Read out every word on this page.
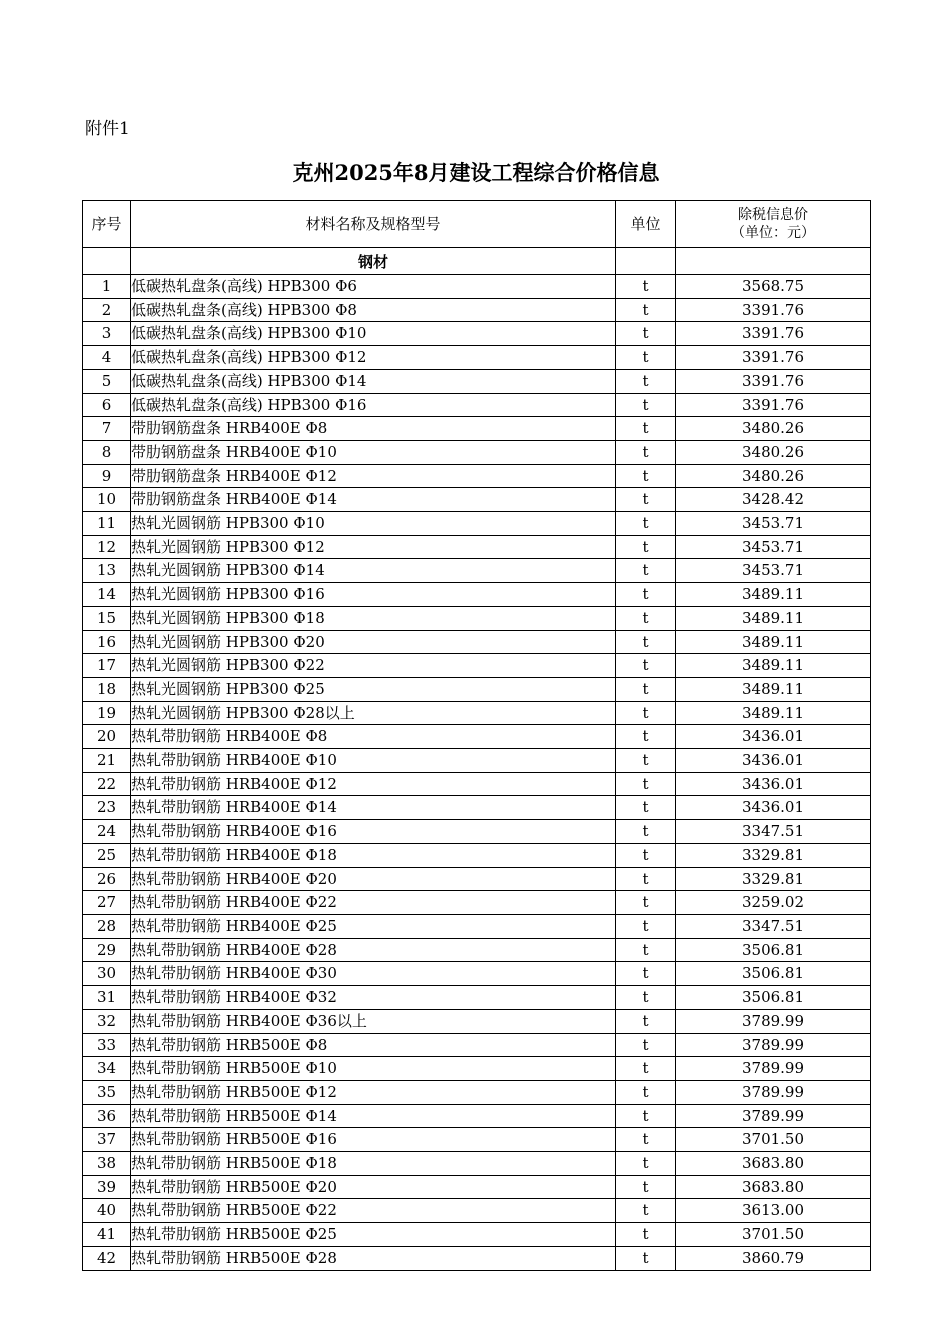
附件1
克州2025年8月建设工程综合价格信息
序号	材料名称及规格型号	单位	除税信息价
（单位：元）

	钢材		
1	低碳热轧盘条(高线) HPB300 Φ6	t	3568.75
2	低碳热轧盘条(高线) HPB300 Φ8	t	3391.76
3	低碳热轧盘条(高线) HPB300 Φ10	t	3391.76
4	低碳热轧盘条(高线) HPB300 Φ12	t	3391.76
5	低碳热轧盘条(高线) HPB300 Φ14	t	3391.76
6	低碳热轧盘条(高线) HPB300 Φ16	t	3391.76
7	带肋钢筋盘条 HRB400E Φ8	t	3480.26
8	带肋钢筋盘条 HRB400E Φ10	t	3480.26
9	带肋钢筋盘条 HRB400E Φ12	t	3480.26
10	带肋钢筋盘条 HRB400E Φ14	t	3428.42
11	热轧光圆钢筋 HPB300 Φ10	t	3453.71
12	热轧光圆钢筋 HPB300 Φ12	t	3453.71
13	热轧光圆钢筋 HPB300 Φ14	t	3453.71
14	热轧光圆钢筋 HPB300 Φ16	t	3489.11
15	热轧光圆钢筋 HPB300 Φ18	t	3489.11
16	热轧光圆钢筋 HPB300 Φ20	t	3489.11
17	热轧光圆钢筋 HPB300 Φ22	t	3489.11
18	热轧光圆钢筋 HPB300 Φ25	t	3489.11
19	热轧光圆钢筋 HPB300 Φ28以上	t	3489.11
20	热轧带肋钢筋 HRB400E Φ8	t	3436.01
21	热轧带肋钢筋 HRB400E Φ10	t	3436.01
22	热轧带肋钢筋 HRB400E Φ12	t	3436.01
23	热轧带肋钢筋 HRB400E Φ14	t	3436.01
24	热轧带肋钢筋 HRB400E Φ16	t	3347.51
25	热轧带肋钢筋 HRB400E Φ18	t	3329.81
26	热轧带肋钢筋 HRB400E Φ20	t	3329.81
27	热轧带肋钢筋 HRB400E Φ22	t	3259.02
28	热轧带肋钢筋 HRB400E Φ25	t	3347.51
29	热轧带肋钢筋 HRB400E Φ28	t	3506.81
30	热轧带肋钢筋 HRB400E Φ30	t	3506.81
31	热轧带肋钢筋 HRB400E Φ32	t	3506.81
32	热轧带肋钢筋 HRB400E Φ36以上	t	3789.99
33	热轧带肋钢筋 HRB500E Φ8	t	3789.99
34	热轧带肋钢筋 HRB500E Φ10	t	3789.99
35	热轧带肋钢筋 HRB500E Φ12	t	3789.99
36	热轧带肋钢筋 HRB500E Φ14	t	3789.99
37	热轧带肋钢筋 HRB500E Φ16	t	3701.50
38	热轧带肋钢筋 HRB500E Φ18	t	3683.80
39	热轧带肋钢筋 HRB500E Φ20	t	3683.80
40	热轧带肋钢筋 HRB500E Φ22	t	3613.00
41	热轧带肋钢筋 HRB500E Φ25	t	3701.50
42	热轧带肋钢筋 HRB500E Φ28	t	3860.79
